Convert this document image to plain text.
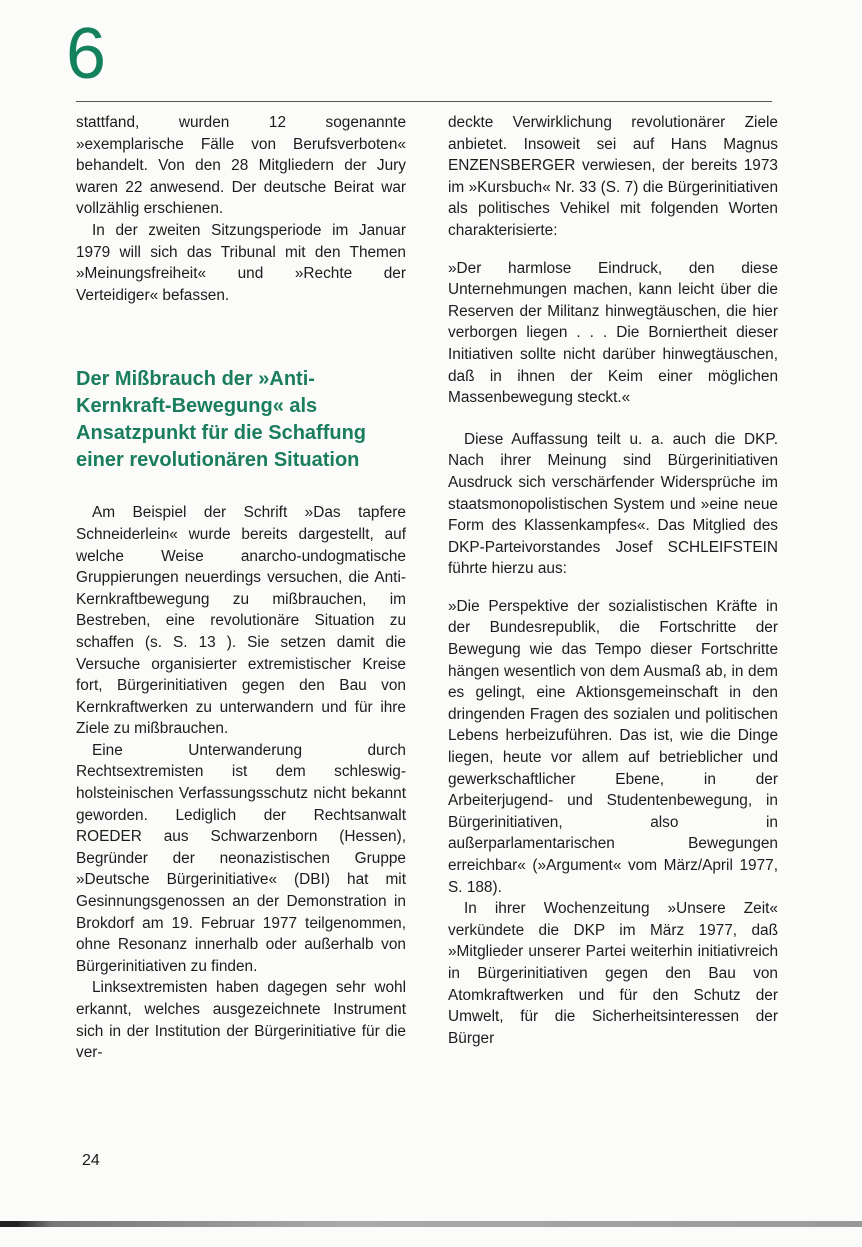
6

stattfand, wurden 12 sogenannte »exemplarische Fälle von Berufsverboten« behandelt. Von den 28 Mitgliedern der Jury waren 22 anwesend. Der deutsche Beirat war vollzählig erschienen.

In der zweiten Sitzungsperiode im Januar 1979 will sich das Tribunal mit den Themen »Meinungsfreiheit« und »Rechte der Verteidiger« befassen.

Der Mißbrauch der »Anti-Kernkraft-Bewegung« als Ansatzpunkt für die Schaffung einer revolutionären Situation

Am Beispiel der Schrift »Das tapfere Schneiderlein« wurde bereits dargestellt, auf welche Weise anarcho-undogmatische Gruppierungen neuerdings versuchen, die Anti-Kernkraftbewegung zu mißbrauchen, im Bestreben, eine revolutionäre Situation zu schaffen (s. S. 13 ). Sie setzen damit die Versuche organisierter extremistischer Kreise fort, Bürgerinitiativen gegen den Bau von Kernkraftwerken zu unterwandern und für ihre Ziele zu mißbrauchen.

Eine Unterwanderung durch Rechtsextremisten ist dem schleswig-holsteinischen Verfassungsschutz nicht bekannt geworden. Lediglich der Rechtsanwalt ROEDER aus Schwarzenborn (Hessen), Begründer der neonazistischen Gruppe »Deutsche Bürgerinitiative« (DBI) hat mit Gesinnungsgenossen an der Demonstration in Brokdorf am 19. Februar 1977 teilgenommen, ohne Resonanz innerhalb oder außerhalb von Bürgerinitiativen zu finden.

Linksextremisten haben dagegen sehr wohl erkannt, welches ausgezeichnete Instrument sich in der Institution der Bürgerinitiative für die ver-

deckte Verwirklichung revolutionärer Ziele anbietet. Insoweit sei auf Hans Magnus ENZENSBERGER verwiesen, der bereits 1973 im »Kursbuch« Nr. 33 (S. 7) die Bürgerinitiativen als politisches Vehikel mit folgenden Worten charakterisierte:

»Der harmlose Eindruck, den diese Unternehmungen machen, kann leicht über die Reserven der Militanz hinwegtäuschen, die hier verborgen liegen . . . Die Borniertheit dieser Initiativen sollte nicht darüber hinwegtäuschen, daß in ihnen der Keim einer möglichen Massenbewegung steckt.«

Diese Auffassung teilt u. a. auch die DKP. Nach ihrer Meinung sind Bürgerinitiativen Ausdruck sich verschärfender Widersprüche im staatsmonopolistischen System und »eine neue Form des Klassenkampfes«. Das Mitglied des DKP-Parteivorstandes Josef SCHLEIFSTEIN führte hierzu aus:

»Die Perspektive der sozialistischen Kräfte in der Bundesrepublik, die Fortschritte der Bewegung wie das Tempo dieser Fortschritte hängen wesentlich von dem Ausmaß ab, in dem es gelingt, eine Aktionsgemeinschaft in den dringenden Fragen des sozialen und politischen Lebens herbeizuführen. Das ist, wie die Dinge liegen, heute vor allem auf betrieblicher und gewerkschaftlicher Ebene, in der Arbeiterjugend- und Studentenbewegung, in Bürgerinitiativen, also in außerparlamentarischen Bewegungen erreichbar« (»Argument« vom März/April 1977, S. 188).

In ihrer Wochenzeitung »Unsere Zeit« verkündete die DKP im März 1977, daß »Mitglieder unserer Partei weiterhin initiativreich in Bürgerinitiativen gegen den Bau von Atomkraftwerken und für den Schutz der Umwelt, für die Sicherheitsinteressen der Bürger

24
